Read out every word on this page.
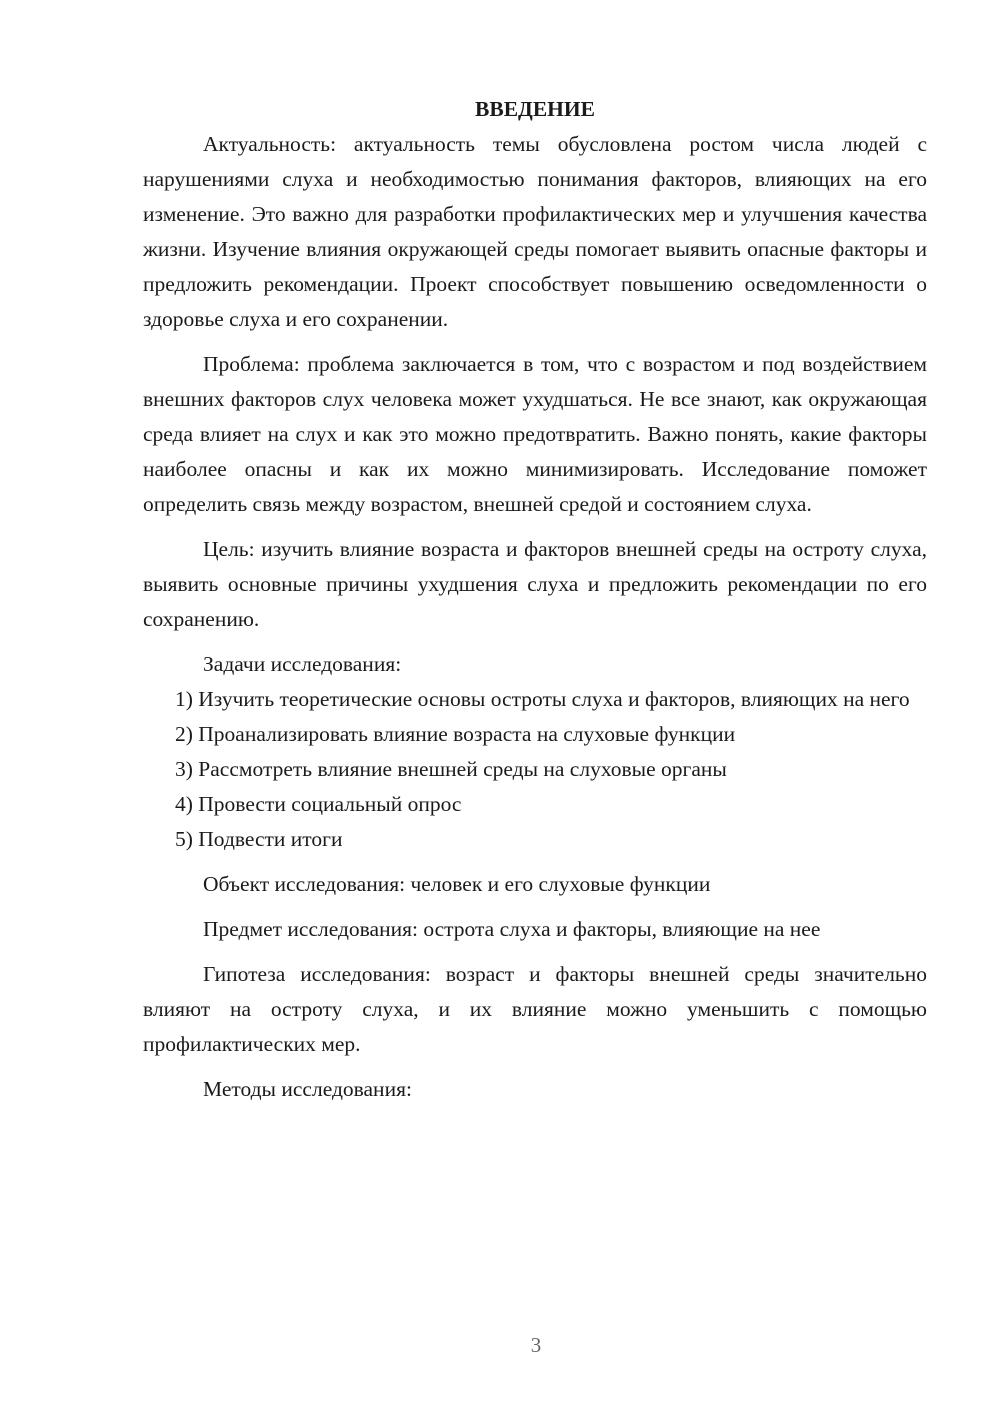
ВВЕДЕНИЕ

Актуальность: актуальность темы обусловлена ростом числа людей с нарушениями слуха и необходимостью понимания факторов, влияющих на его изменение. Это важно для разработки профилактических мер и улучшения качества жизни. Изучение влияния окружающей среды помогает выявить опасные факторы и предложить рекомендации. Проект способствует повышению осведомленности о здоровье слуха и его сохранении.

Проблема: проблема заключается в том, что с возрастом и под воздействием внешних факторов слух человека может ухудшаться. Не все знают, как окружающая среда влияет на слух и как это можно предотвратить. Важно понять, какие факторы наиболее опасны и как их можно минимизировать. Исследование поможет определить связь между возрастом, внешней средой и состоянием слуха.

Цель: изучить влияние возраста и факторов внешней среды на остроту слуха, выявить основные причины ухудшения слуха и предложить рекомендации по его сохранению.

Задачи исследования:

1) Изучить теоретические основы остроты слуха и факторов, влияющих на него

2) Проанализировать влияние возраста на слуховые функции

3) Рассмотреть влияние внешней среды на слуховые органы

4) Провести социальный опрос

5) Подвести итоги

Объект исследования: человек и его слуховые функции

Предмет исследования: острота слуха и факторы, влияющие на нее

Гипотеза исследования: возраст и факторы внешней среды значительно влияют на остроту слуха, и их влияние можно уменьшить с помощью профилактических мер.

Методы исследования:

3
